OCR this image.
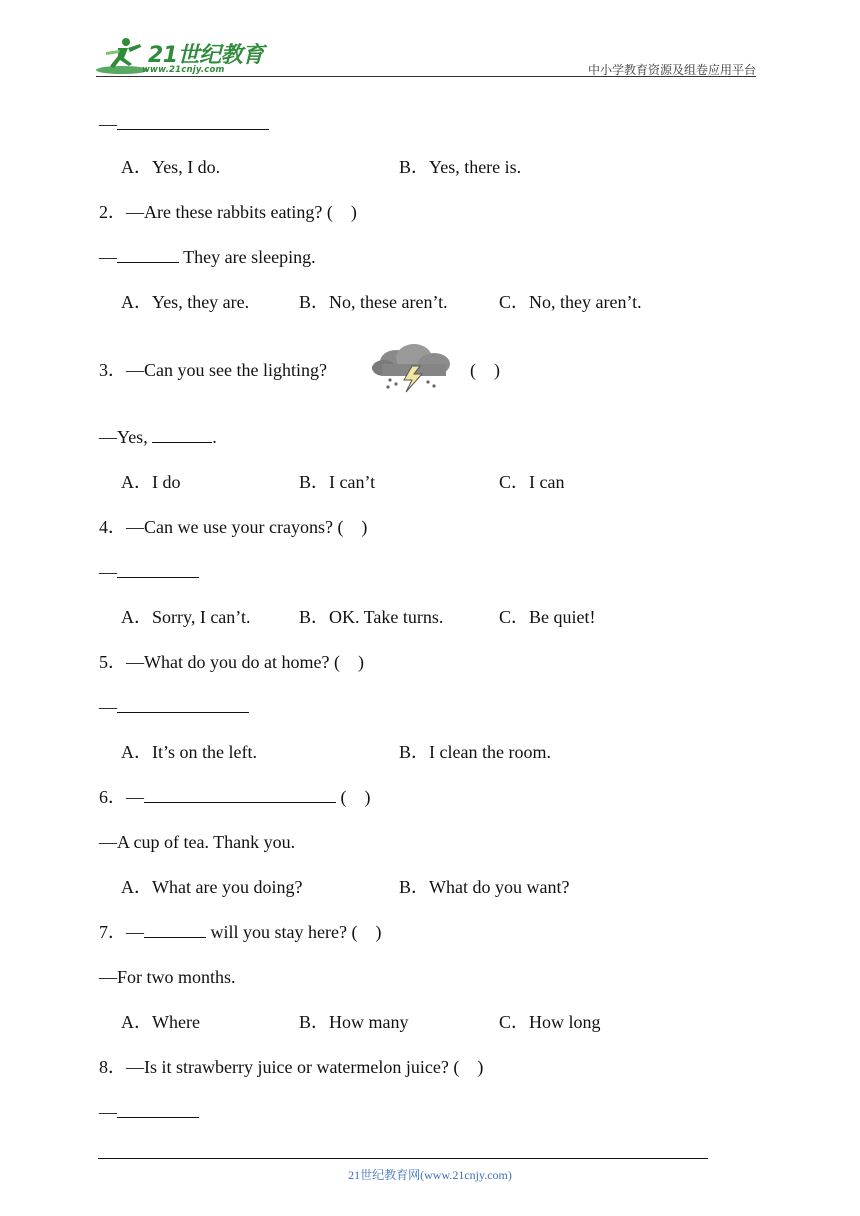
21世纪教育
www.21cnjy.com	中小学教育资源及组卷应用平台
—
A．Yes, I do.	B．Yes, there is.
2．—Are these rabbits eating? (    )
—	They are sleeping.
A．Yes, they are.	B．No, these aren’t.	C．No, they aren’t.
3．—Can you see the lighting?	(    )
—Yes,	.
A．I do	B．I can’t	C．I can
4．—Can we use your crayons? (    )
—
A．Sorry, I can’t.	B．OK. Take turns.	C．Be quiet!
5．—What do you do at home? (    )
—
A．It’s on the left.	B．I clean the room.
6．—	(    )
—A cup of tea. Thank you.
A．What are you doing?	B．What do you want?
7．—	will you stay here? (    )
—For two months.
A．Where	B．How many	C．How long
8．—Is it strawberry juice or watermelon juice? (    )
—
21世纪教育网(www.21cnjy.com)
